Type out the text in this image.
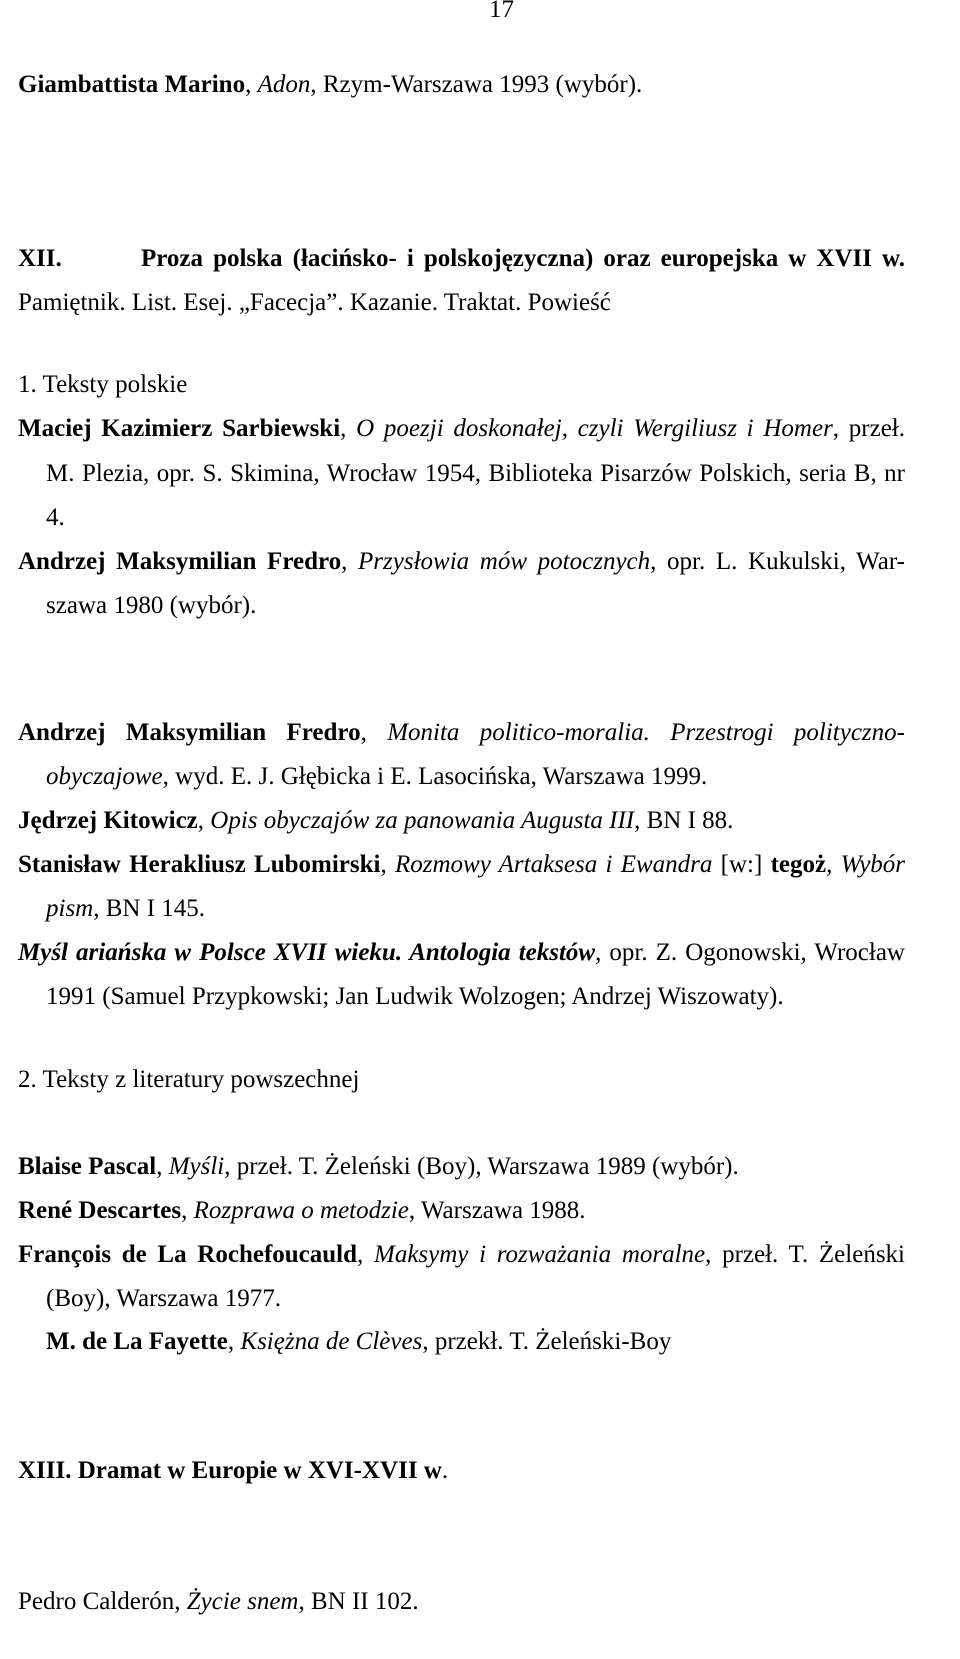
17
Giambattista Marino, Adon, Rzym-Warszawa 1993 (wybór).
XII.	Proza polska (łacińsko- i polskojęzyczna) oraz europejska w XVII w.
Pamiętnik. List. Esej. „Facecja”. Kazanie. Traktat. Powieść
1. Teksty polskie
Maciej Kazimierz Sarbiewski, O poezji doskonałej, czyli Wergiliusz i Homer, przeł.
M. Plezia, opr. S. Skimina, Wrocław 1954, Biblioteka Pisarzów Polskich, seria B, nr
4.
Andrzej Maksymilian Fredro, Przysłowia mów potocznych, opr. L. Kukulski, War-
szawa 1980 (wybór).
Andrzej Maksymilian Fredro, Monita politico-moralia. Przestrogi polityczno-
obyczajowe, wyd. E. J. Głębicka i E. Lasocińska, Warszawa 1999.
Jędrzej Kitowicz, Opis obyczajów za panowania Augusta III, BN I 88.
Stanisław Herakliusz Lubomirski, Rozmowy Artaksesa i Ewandra [w:] tegoż, Wybór
pism, BN I 145.
Myśl ariańska w Polsce XVII wieku. Antologia tekstów, opr. Z. Ogonowski, Wrocław
1991 (Samuel Przypkowski; Jan Ludwik Wolzogen; Andrzej Wiszowaty).
2. Teksty z literatury powszechnej
Blaise Pascal, Myśli, przeł. T. Żeleński (Boy), Warszawa 1989 (wybór).
René Descartes, Rozprawa o metodzie, Warszawa 1988.
François de La Rochefoucauld, Maksymy i rozważania moralne, przeł. T. Żeleński
(Boy), Warszawa 1977.
M. de La Fayette, Księżna de Clèves, przekł. T. Żeleński-Boy
XIII. Dramat w Europie w XVI-XVII w.
Pedro Calderón, Życie snem, BN II 102.
